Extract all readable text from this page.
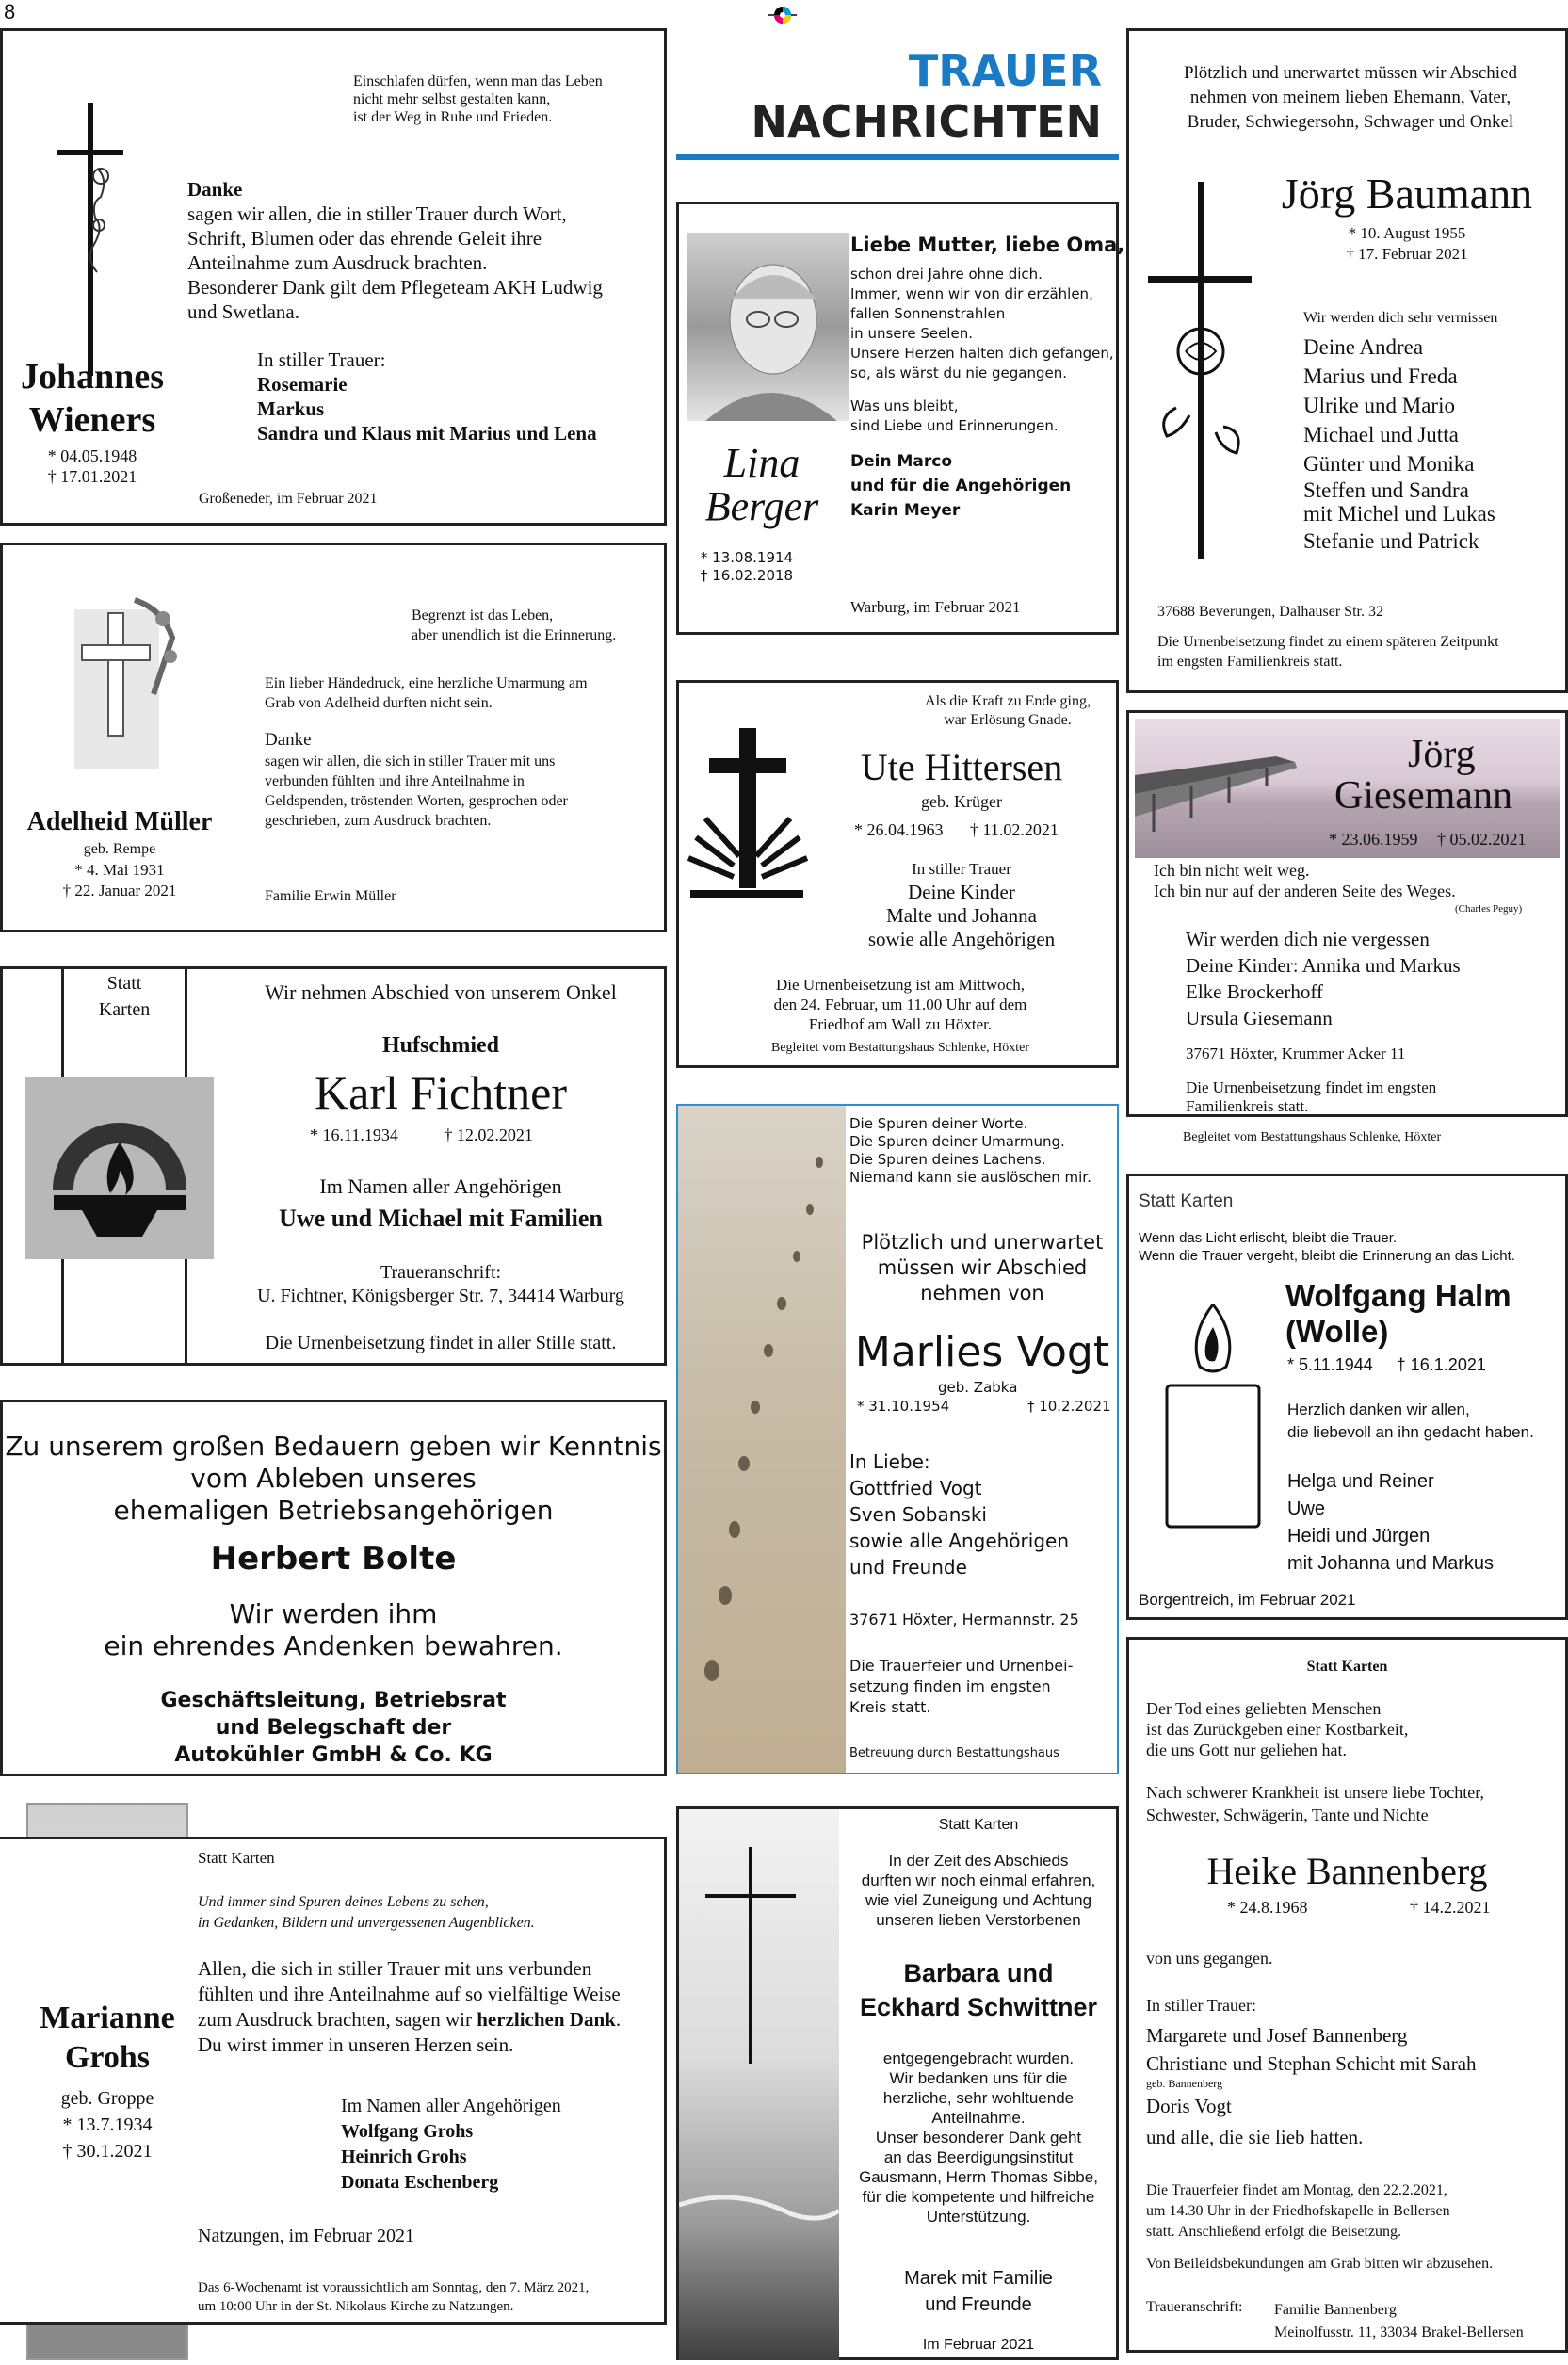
8
TRAUER
NACHRICHTEN
Einschlafen dürfen, wenn man das Leben
nicht mehr selbst gestalten kann,
ist der Weg in Ruhe und Frieden.
Danke
sagen wir allen, die in stiller Trauer durch Wort,
Schrift, Blumen oder das ehrende Geleit ihre
Anteilnahme zum Ausdruck brachten.
Besonderer Dank gilt dem Pflegeteam AKH Ludwig
und Swetlana.
In stiller Trauer:
Rosemarie
Markus
Sandra und Klaus mit Marius und Lena
Johannes
Wieners
* 04.05.1948
† 17.01.2021
Großeneder, im Februar 2021
Lina
Berger
* 13.08.1914
† 16.02.2018
Liebe Mutter, liebe Oma,
schon drei Jahre ohne dich.
Immer, wenn wir von dir erzählen,
fallen Sonnenstrahlen
in unsere Seelen.
Unsere Herzen halten dich gefangen,
so, als wärst du nie gegangen.
Was uns bleibt,
sind Liebe und Erinnerungen.
Dein Marco
und für die Angehörigen
Karin Meyer
Warburg, im Februar 2021
Plötzlich und unerwartet müssen wir Abschied
nehmen von meinem lieben Ehemann, Vater,
Bruder, Schwiegersohn, Schwager und Onkel
Jörg Baumann
* 10. August 1955
† 17. Februar 2021
Wir werden dich sehr vermissen
Deine Andrea
Marius und Freda
Ulrike und Mario
Michael und Jutta
Günter und Monika
Steffen und Sandra
mit Michel und Lukas
Stefanie und Patrick
37688 Beverungen, Dalhauser Str. 32
Die Urnenbeisetzung findet zu einem späteren Zeitpunkt
im engsten Familienkreis statt.
Begrenzt ist das Leben,
aber unendlich ist die Erinnerung.
Ein lieber Händedruck, eine herzliche Umarmung am
Grab von Adelheid durften nicht sein.
Danke
sagen wir allen, die sich in stiller Trauer mit uns
verbunden fühlten und ihre Anteilnahme in
Geldspenden, tröstenden Worten, gesprochen oder
geschrieben, zum Ausdruck brachten.
Familie Erwin Müller
Adelheid Müller
geb. Rempe
* 4. Mai 1931
† 22. Januar 2021
Als die Kraft zu Ende ging,
war Erlösung Gnade.
Ute Hittersen
geb. Krüger
* 26.04.1963 † 11.02.2021
In stiller Trauer
Deine Kinder
Malte und Johanna
sowie alle Angehörigen
Die Urnenbeisetzung ist am Mittwoch,
den 24. Februar, um 11.00 Uhr auf dem
Friedhof am Wall zu Höxter.
Begleitet vom Bestattungshaus Schlenke, Höxter
Jörg
Giesemann
* 23.06.1959 † 05.02.2021
Ich bin nicht weit weg.
Ich bin nur auf der anderen Seite des Weges.
(Charles Peguy)
Wir werden dich nie vergessen
Deine Kinder: Annika und Markus
Elke Brockerhoff
Ursula Giesemann
37671 Höxter, Krummer Acker 11
Die Urnenbeisetzung findet im engsten
Familienkreis statt.
Begleitet vom Bestattungshaus Schlenke, Höxter
Statt
Karten
Wir nehmen Abschied von unserem Onkel
Hufschmied
Karl Fichtner
* 16.11.1934	† 12.02.2021
Im Namen aller Angehörigen
Uwe und Michael mit Familien
Traueranschrift:
U. Fichtner, Königsberger Str. 7, 34414 Warburg
Die Urnenbeisetzung findet in aller Stille statt.
Die Spuren deiner Worte.
Die Spuren deiner Umarmung.
Die Spuren deines Lachens.
Niemand kann sie auslöschen mir.
Plötzlich und unerwartet
müssen wir Abschied
nehmen von
Marlies Vogt
geb. Zabka
* 31.10.1954	† 10.2.2021
In Liebe:
Gottfried Vogt
Sven Sobanski
sowie alle Angehörigen
und Freunde
37671 Höxter, Hermannstr. 25
Die Trauerfeier und Urnenbei-
setzung finden im engsten
Kreis statt.
Betreuung durch Bestattungshaus
Statt Karten
Wenn das Licht erlischt, bleibt die Trauer.
Wenn die Trauer vergeht, bleibt die Erinnerung an das Licht.
Wolfgang Halm
(Wolle)
* 5.11.1944 † 16.1.2021
Herzlich danken wir allen,
die liebevoll an ihn gedacht haben.
Helga und Reiner
Uwe
Heidi und Jürgen
mit Johanna und Markus
Borgentreich, im Februar 2021
Zu unserem großen Bedauern geben wir Kenntnis
vom Ableben unseres
ehemaligen Betriebsangehörigen
Herbert Bolte
Wir werden ihm
ein ehrendes Andenken bewahren.
Geschäftsleitung, Betriebsrat
und Belegschaft der
Autokühler GmbH & Co. KG
Statt Karten
Der Tod eines geliebten Menschen
ist das Zurückgeben einer Kostbarkeit,
die uns Gott nur geliehen hat.
Nach schwerer Krankheit ist unsere liebe Tochter,
Schwester, Schwägerin, Tante und Nichte
Heike Bannenberg
* 24.8.1968	† 14.2.2021
von uns gegangen.
In stiller Trauer:
Margarete und Josef Bannenberg
Christiane und Stephan Schicht mit Sarah
geb. Bannenberg
Doris Vogt
und alle, die sie lieb hatten.
Die Trauerfeier findet am Montag, den 22.2.2021,
um 14.30 Uhr in der Friedhofskapelle in Bellersen
statt. Anschließend erfolgt die Beisetzung.
Von Beileidsbekundungen am Grab bitten wir abzusehen.
Traueranschrift: Familie Bannenberg
Meinolfusstr. 11, 33034 Brakel-Bellersen
Statt Karten
Und immer sind Spuren deines Lebens zu sehen,
in Gedanken, Bildern und unvergessenen Augenblicken.
Allen, die sich in stiller Trauer mit uns verbunden
fühlten und ihre Anteilnahme auf so vielfältige Weise
zum Ausdruck brachten, sagen wir herzlichen Dank.
Du wirst immer in unseren Herzen sein.
Im Namen aller Angehörigen
Wolfgang Grohs
Heinrich Grohs
Donata Eschenberg
Natzungen, im Februar 2021
Das 6-Wochenamt ist voraussichtlich am Sonntag, den 7. März 2021,
um 10:00 Uhr in der St. Nikolaus Kirche zu Natzungen.
Marianne
Grohs
geb. Groppe
* 13.7.1934
† 30.1.2021
Statt Karten
In der Zeit des Abschieds
durften wir noch einmal erfahren,
wie viel Zuneigung und Achtung
unseren lieben Verstorbenen
Barbara und
Eckhard Schwittner
entgegengebracht wurden.
Wir bedanken uns für die
herzliche, sehr wohltuende
Anteilnahme.
Unser besonderer Dank geht
an das Beerdigungsinstitut
Gausmann, Herrn Thomas Sibbe,
für die kompetente und hilfreiche
Unterstützung.
Marek mit Familie
und Freunde
Im Februar 2021
